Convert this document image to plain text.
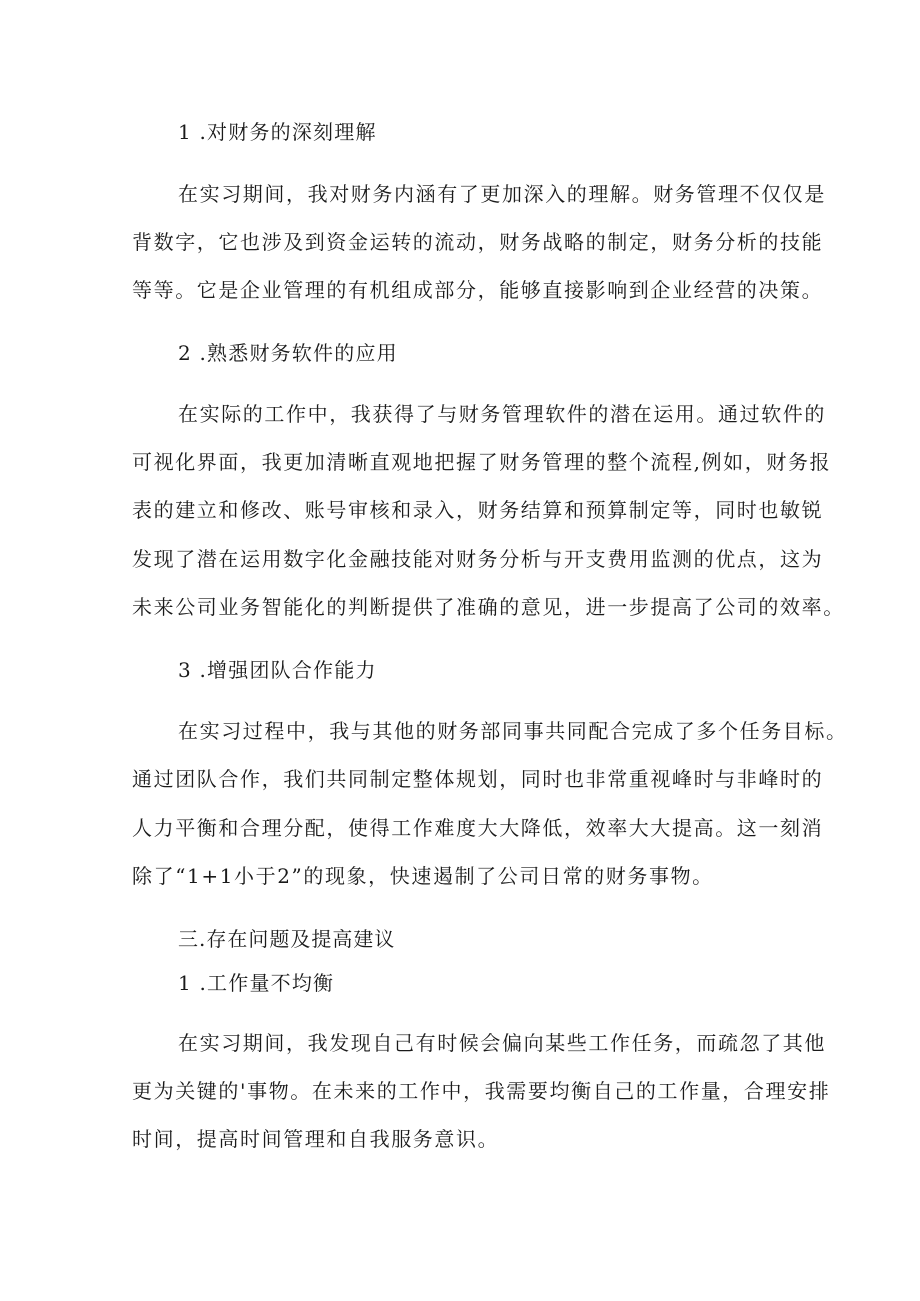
1 .对财务的深刻理解
在实习期间，我对财务内涵有了更加深入的理解。财务管理不仅仅是
背数字，它也涉及到资金运转的流动，财务战略的制定，财务分析的技能
等等。它是企业管理的有机组成部分，能够直接影响到企业经营的决策。
2 .熟悉财务软件的应用
在实际的工作中，我获得了与财务管理软件的潜在运用。通过软件的
可视化界面，我更加清晰直观地把握了财务管理的整个流程,例如，财务报
表的建立和修改、账号审核和录入，财务结算和预算制定等，同时也敏锐
发现了潜在运用数字化金融技能对财务分析与开支费用监测的优点，这为
未来公司业务智能化的判断提供了准确的意见，进一步提高了公司的效率。
3 .增强团队合作能力
在实习过程中，我与其他的财务部同事共同配合完成了多个任务目标。
通过团队合作，我们共同制定整体规划，同时也非常重视峰时与非峰时的
人力平衡和合理分配，使得工作难度大大降低，效率大大提高。这一刻消
除了“1+1小于2”的现象，快速遏制了公司日常的财务事物。
三.存在问题及提高建议
1 .工作量不均衡
在实习期间，我发现自己有时候会偏向某些工作任务，而疏忽了其他
更为关键的'事物。在未来的工作中，我需要均衡自己的工作量，合理安排
时间，提高时间管理和自我服务意识。
